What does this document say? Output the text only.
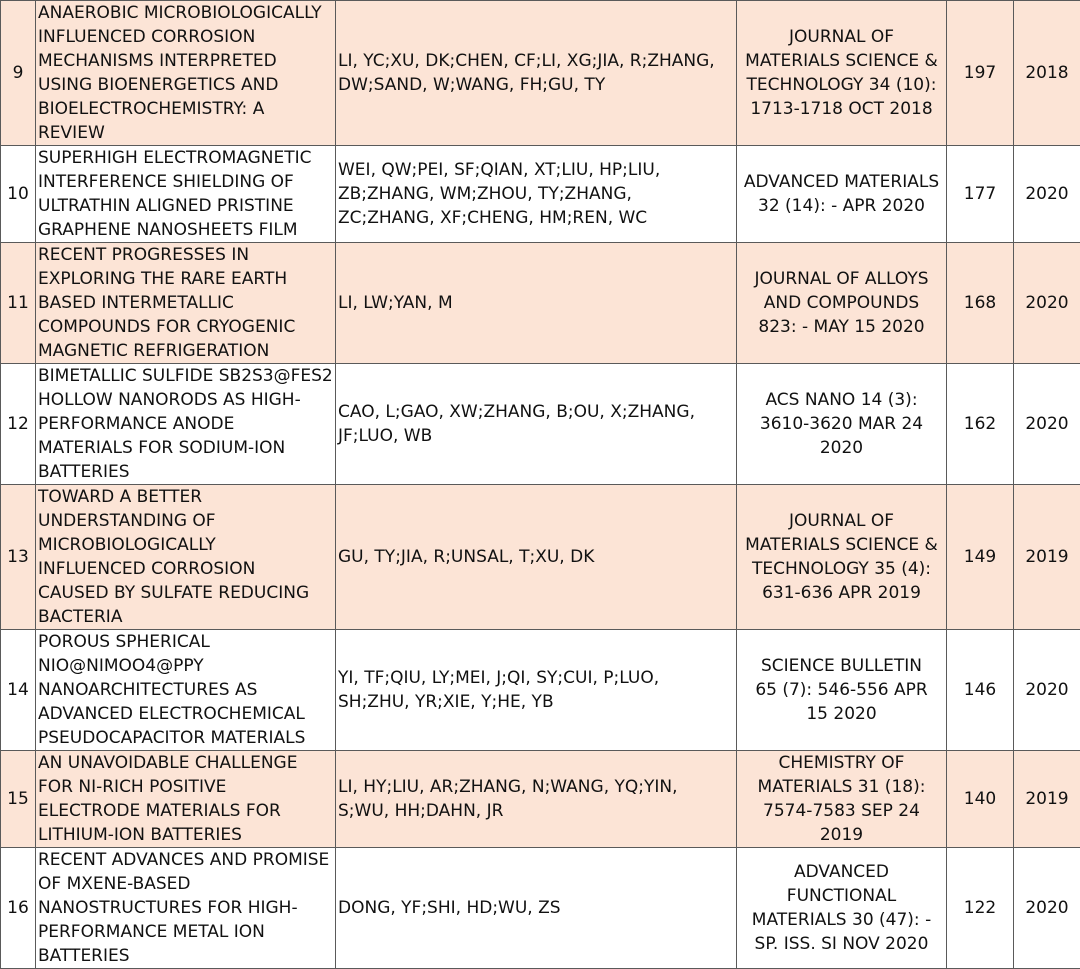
9	ANAEROBIC MICROBIOLOGICALLY INFLUENCED CORROSION MECHANISMS INTERPRETED USING BIOENERGETICS AND BIOELECTROCHEMISTRY: A REVIEW	LI, YC;XU, DK;CHEN, CF;LI, XG;JIA, R;ZHANG, DW;SAND, W;WANG, FH;GU, TY	JOURNAL OF MATERIALS SCIENCE & TECHNOLOGY 34 (10): 1713-1718 OCT 2018	197	2018
10	SUPERHIGH ELECTROMAGNETIC INTERFERENCE SHIELDING OF ULTRATHIN ALIGNED PRISTINE GRAPHENE NANOSHEETS FILM	WEI, QW;PEI, SF;QIAN, XT;LIU, HP;LIU, ZB;ZHANG, WM;ZHOU, TY;ZHANG, ZC;ZHANG, XF;CHENG, HM;REN, WC	ADVANCED MATERIALS 32 (14): - APR 2020	177	2020
11	RECENT PROGRESSES IN EXPLORING THE RARE EARTH BASED INTERMETALLIC COMPOUNDS FOR CRYOGENIC MAGNETIC REFRIGERATION	LI, LW;YAN, M	JOURNAL OF ALLOYS AND COMPOUNDS 823: - MAY 15 2020	168	2020
12	BIMETALLIC SULFIDE SB2S3@FES2 HOLLOW NANORODS AS HIGH-PERFORMANCE ANODE MATERIALS FOR SODIUM-ION BATTERIES	CAO, L;GAO, XW;ZHANG, B;OU, X;ZHANG, JF;LUO, WB	ACS NANO 14 (3): 3610-3620 MAR 24 2020	162	2020
13	TOWARD A BETTER UNDERSTANDING OF MICROBIOLOGICALLY INFLUENCED CORROSION CAUSED BY SULFATE REDUCING BACTERIA	GU, TY;JIA, R;UNSAL, T;XU, DK	JOURNAL OF MATERIALS SCIENCE & TECHNOLOGY 35 (4): 631-636 APR 2019	149	2019
14	POROUS SPHERICAL NIO@NIMOO4@PPY NANOARCHITECTURES AS ADVANCED ELECTROCHEMICAL PSEUDOCAPACITOR MATERIALS	YI, TF;QIU, LY;MEI, J;QI, SY;CUI, P;LUO, SH;ZHU, YR;XIE, Y;HE, YB	SCIENCE BULLETIN 65 (7): 546-556 APR 15 2020	146	2020
15	AN UNAVOIDABLE CHALLENGE FOR NI-RICH POSITIVE ELECTRODE MATERIALS FOR LITHIUM-ION BATTERIES	LI, HY;LIU, AR;ZHANG, N;WANG, YQ;YIN, S;WU, HH;DAHN, JR	CHEMISTRY OF MATERIALS 31 (18): 7574-7583 SEP 24 2019	140	2019
16	RECENT ADVANCES AND PROMISE OF MXENE-BASED NANOSTRUCTURES FOR HIGH-PERFORMANCE METAL ION BATTERIES	DONG, YF;SHI, HD;WU, ZS	ADVANCED FUNCTIONAL MATERIALS 30 (47): - SP. ISS. SI NOV 2020	122	2020
